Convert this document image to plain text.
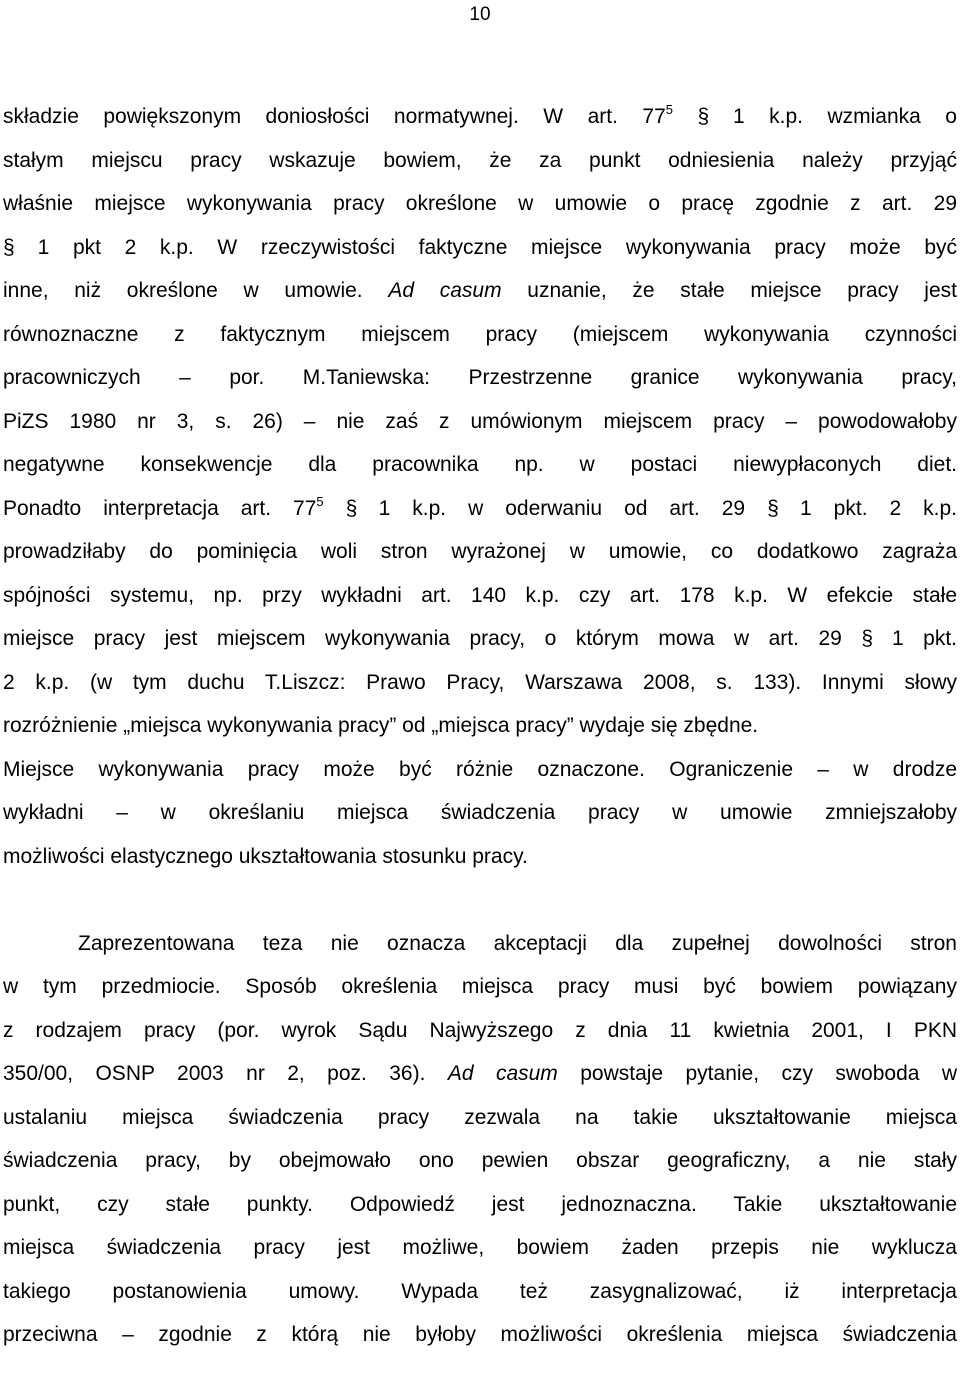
10
składzie powiększonym doniosłości normatywnej. W art. $77^5$ § 1 k.p. wzmianka o
stałym miejscu pracy wskazuje bowiem, że za punkt odniesienia należy przyjąć
właśnie miejsce wykonywania pracy określone w umowie o pracę zgodnie z art. 29
§ 1 pkt 2 k.p. W rzeczywistości faktyczne miejsce wykonywania pracy może być
inne, niż określone w umowie. Ad casum uznanie, że stałe miejsce pracy jest
równoznaczne z faktycznym miejscem pracy (miejscem wykonywania czynności
pracowniczych – por. M.Taniewska: Przestrzenne granice wykonywania pracy,
PiZS 1980 nr 3, s. 26) – nie zaś z umówionym miejscem pracy – powodowałoby
negatywne konsekwencje dla pracownika np. w postaci niewypłaconych diet.
Ponadto interpretacja art. $77^5$ § 1 k.p. w oderwaniu od art. 29 § 1 pkt. 2 k.p.
prowadziłaby do pominięcia woli stron wyrażonej w umowie, co dodatkowo zagraża
spójności systemu, np. przy wykładni art. 140 k.p. czy art. 178 k.p. W efekcie stałe
miejsce pracy jest miejscem wykonywania pracy, o którym mowa w art. 29 § 1 pkt.
2 k.p. (w tym duchu T.Liszcz: Prawo Pracy, Warszawa 2008, s. 133). Innymi słowy
rozróżnienie „miejsca wykonywania pracy” od „miejsca pracy” wydaje się zbędne.
Miejsce wykonywania pracy może być różnie oznaczone. Ograniczenie – w drodze
wykładni – w określaniu miejsca świadczenia pracy w umowie zmniejszałoby
możliwości elastycznego ukształtowania stosunku pracy.
Zaprezentowana teza nie oznacza akceptacji dla zupełnej dowolności stron
w tym przedmiocie. Sposób określenia miejsca pracy musi być bowiem powiązany
z rodzajem pracy (por. wyrok Sądu Najwyższego z dnia 11 kwietnia 2001, I PKN
350/00, OSNP 2003 nr 2, poz. 36). Ad casum powstaje pytanie, czy swoboda w
ustalaniu miejsca świadczenia pracy zezwala na takie ukształtowanie miejsca
świadczenia pracy, by obejmowało ono pewien obszar geograficzny, a nie stały
punkt, czy stałe punkty. Odpowiedź jest jednoznaczna. Takie ukształtowanie
miejsca świadczenia pracy jest możliwe, bowiem żaden przepis nie wyklucza
takiego postanowienia umowy. Wypada też zasygnalizować, iż interpretacja
przeciwna – zgodnie z którą nie byłoby możliwości określenia miejsca świadczenia
